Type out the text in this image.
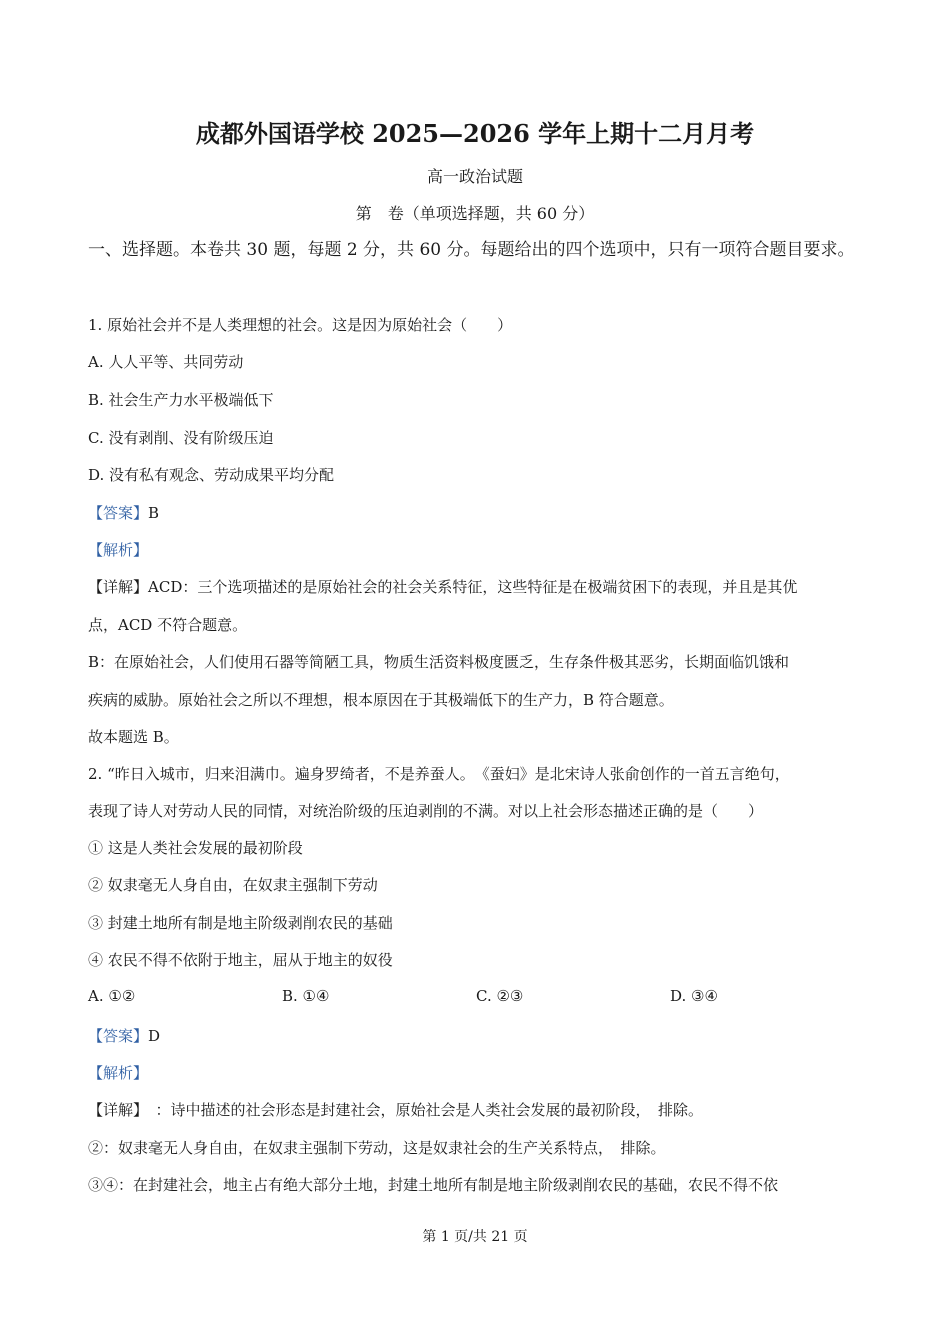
成都外国语学校 2025—2026 学年上期十二月月考
高一政治试题
第　卷（单项选择题，共 60 分）
一、选择题。本卷共 30 题，每题 2 分，共 60 分。每题给出的四个选项中，只有一项符合题目要求。
1. 原始社会并不是人类理想的社会。这是因为原始社会（　　）
A. 人人平等、共同劳动
B. 社会生产力水平极端低下
C. 没有剥削、没有阶级压迫
D. 没有私有观念、劳动成果平均分配
【答案】B
【解析】
【详解】ACD：三个选项描述的是原始社会的社会关系特征，这些特征是在极端贫困下的表现，并且是其优
点，ACD 不符合题意。
B：在原始社会，人们使用石器等简陋工具，物质生活资料极度匮乏，生存条件极其恶劣，长期面临饥饿和
疾病的威胁。原始社会之所以不理想，根本原因在于其极端低下的生产力，B 符合题意。
故本题选 B。
2. “昨日入城市，归来泪满巾。遍身罗绮者，不是养蚕人。　《蚕妇》是北宋诗人张俞创作的一首五言绝句，
表现了诗人对劳动人民的同情，对统治阶级的压迫剥削的不满。对以上社会形态描述正确的是（　　）
① 这是人类社会发展的最初阶段
② 奴隶毫无人身自由，在奴隶主强制下劳动
③ 封建土地所有制是地主阶级剥削农民的基础
④ 农民不得不依附于地主，屈从于地主的奴役
A. ①②	B. ①④	C. ②③	D. ③④
【答案】D
【解析】
【详解】　：诗中描述的社会形态是封建社会，原始社会是人类社会发展的最初阶段，　排除。
②：奴隶毫无人身自由，在奴隶主强制下劳动，这是奴隶社会的生产关系特点，　排除。
③④：在封建社会，地主占有绝大部分土地，封建土地所有制是地主阶级剥削农民的基础，农民不得不依
第 1 页/共 21 页
